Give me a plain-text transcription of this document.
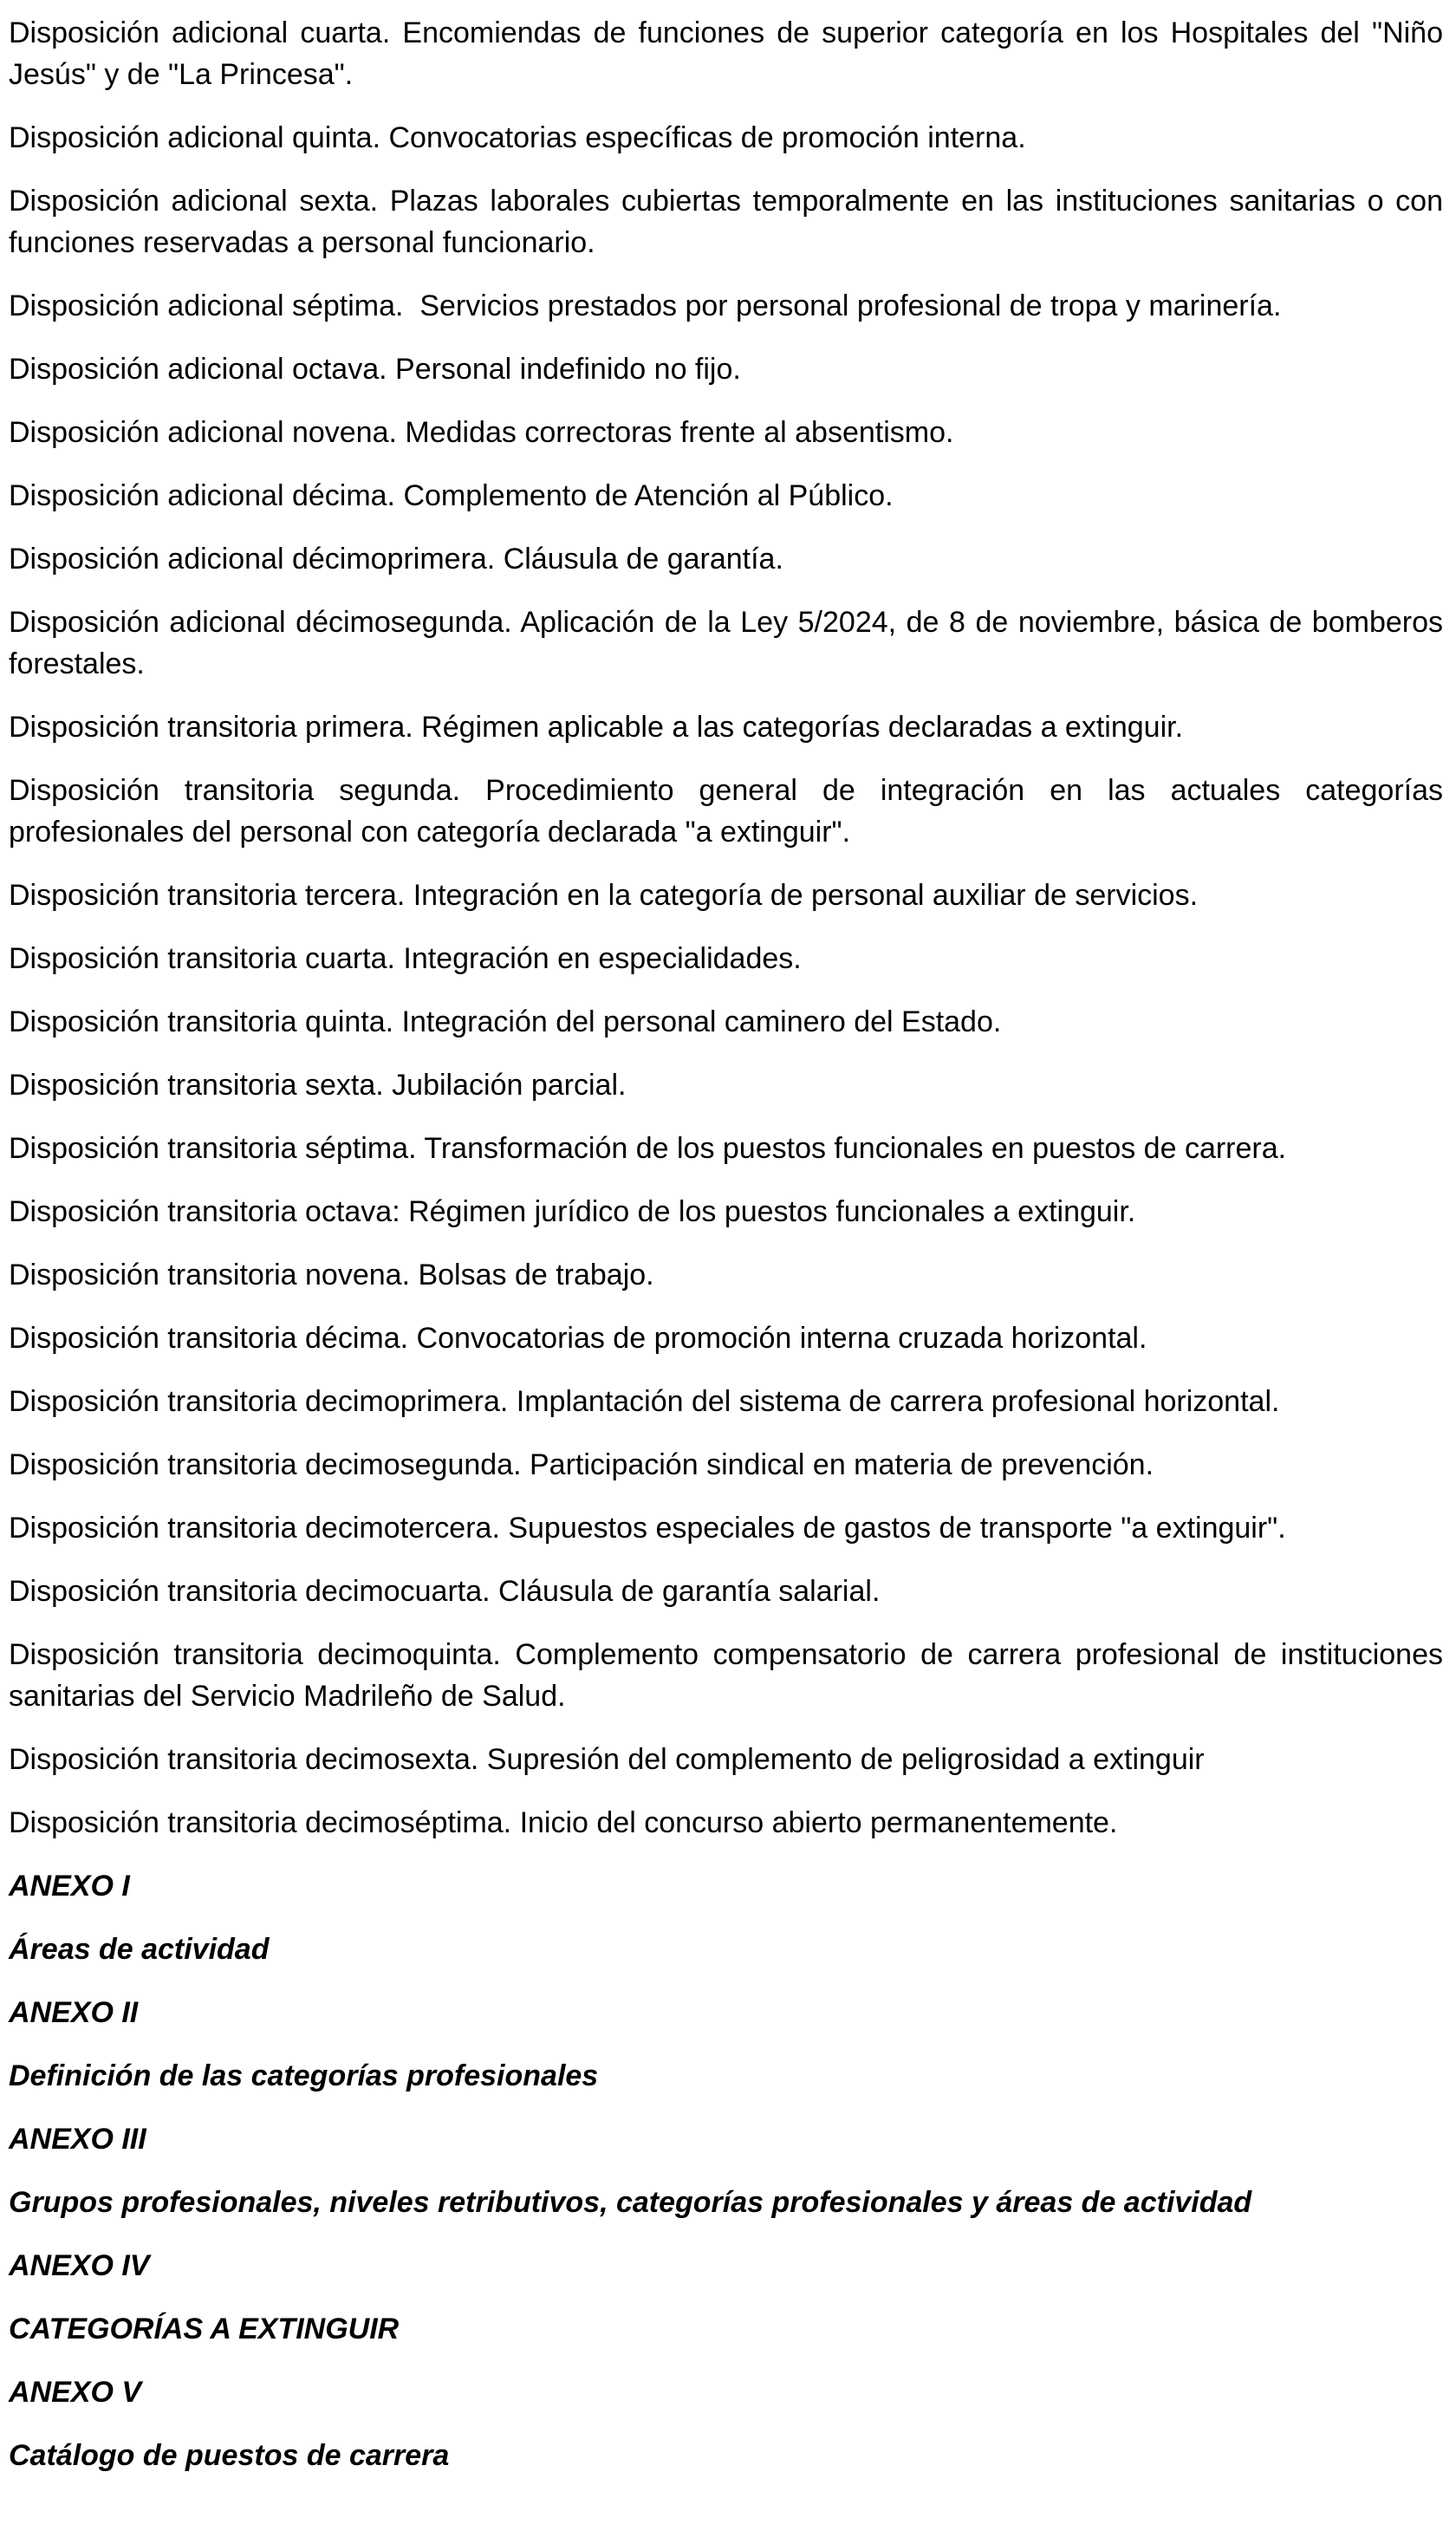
Disposición adicional cuarta. Encomiendas de funciones de superior categoría en los Hospitales del "Niño Jesús" y de "La Princesa".

Disposición adicional quinta. Convocatorias específicas de promoción interna.

Disposición adicional sexta. Plazas laborales cubiertas temporalmente en las instituciones sanitarias o con funciones reservadas a personal funcionario.

Disposición adicional séptima.  Servicios prestados por personal profesional de tropa y marinería.

Disposición adicional octava. Personal indefinido no fijo.

Disposición adicional novena. Medidas correctoras frente al absentismo.

Disposición adicional décima. Complemento de Atención al Público.

Disposición adicional décimoprimera. Cláusula de garantía.

Disposición adicional décimosegunda. Aplicación de la Ley 5/2024, de 8 de noviembre, básica de bomberos forestales.

Disposición transitoria primera. Régimen aplicable a las categorías declaradas a extinguir.

Disposición transitoria segunda. Procedimiento general de integración en las actuales categorías profesionales del personal con categoría declarada "a extinguir".

Disposición transitoria tercera. Integración en la categoría de personal auxiliar de servicios.

Disposición transitoria cuarta. Integración en especialidades.

Disposición transitoria quinta. Integración del personal caminero del Estado.

Disposición transitoria sexta. Jubilación parcial.

Disposición transitoria séptima. Transformación de los puestos funcionales en puestos de carrera.

Disposición transitoria octava: Régimen jurídico de los puestos funcionales a extinguir.

Disposición transitoria novena. Bolsas de trabajo.

Disposición transitoria décima. Convocatorias de promoción interna cruzada horizontal.

Disposición transitoria decimoprimera. Implantación del sistema de carrera profesional horizontal.

Disposición transitoria decimosegunda. Participación sindical en materia de prevención.

Disposición transitoria decimotercera. Supuestos especiales de gastos de transporte "a extinguir".

Disposición transitoria decimocuarta. Cláusula de garantía salarial.

Disposición transitoria decimoquinta. Complemento compensatorio de carrera profesional de instituciones sanitarias del Servicio Madrileño de Salud.

Disposición transitoria decimosexta. Supresión del complemento de peligrosidad a extinguir

Disposición transitoria decimoséptima. Inicio del concurso abierto permanentemente.

ANEXO I

Áreas de actividad

ANEXO II

Definición de las categorías profesionales

ANEXO III

Grupos profesionales, niveles retributivos, categorías profesionales y áreas de actividad

ANEXO IV

CATEGORÍAS A EXTINGUIR

ANEXO V

Catálogo de puestos de carrera
